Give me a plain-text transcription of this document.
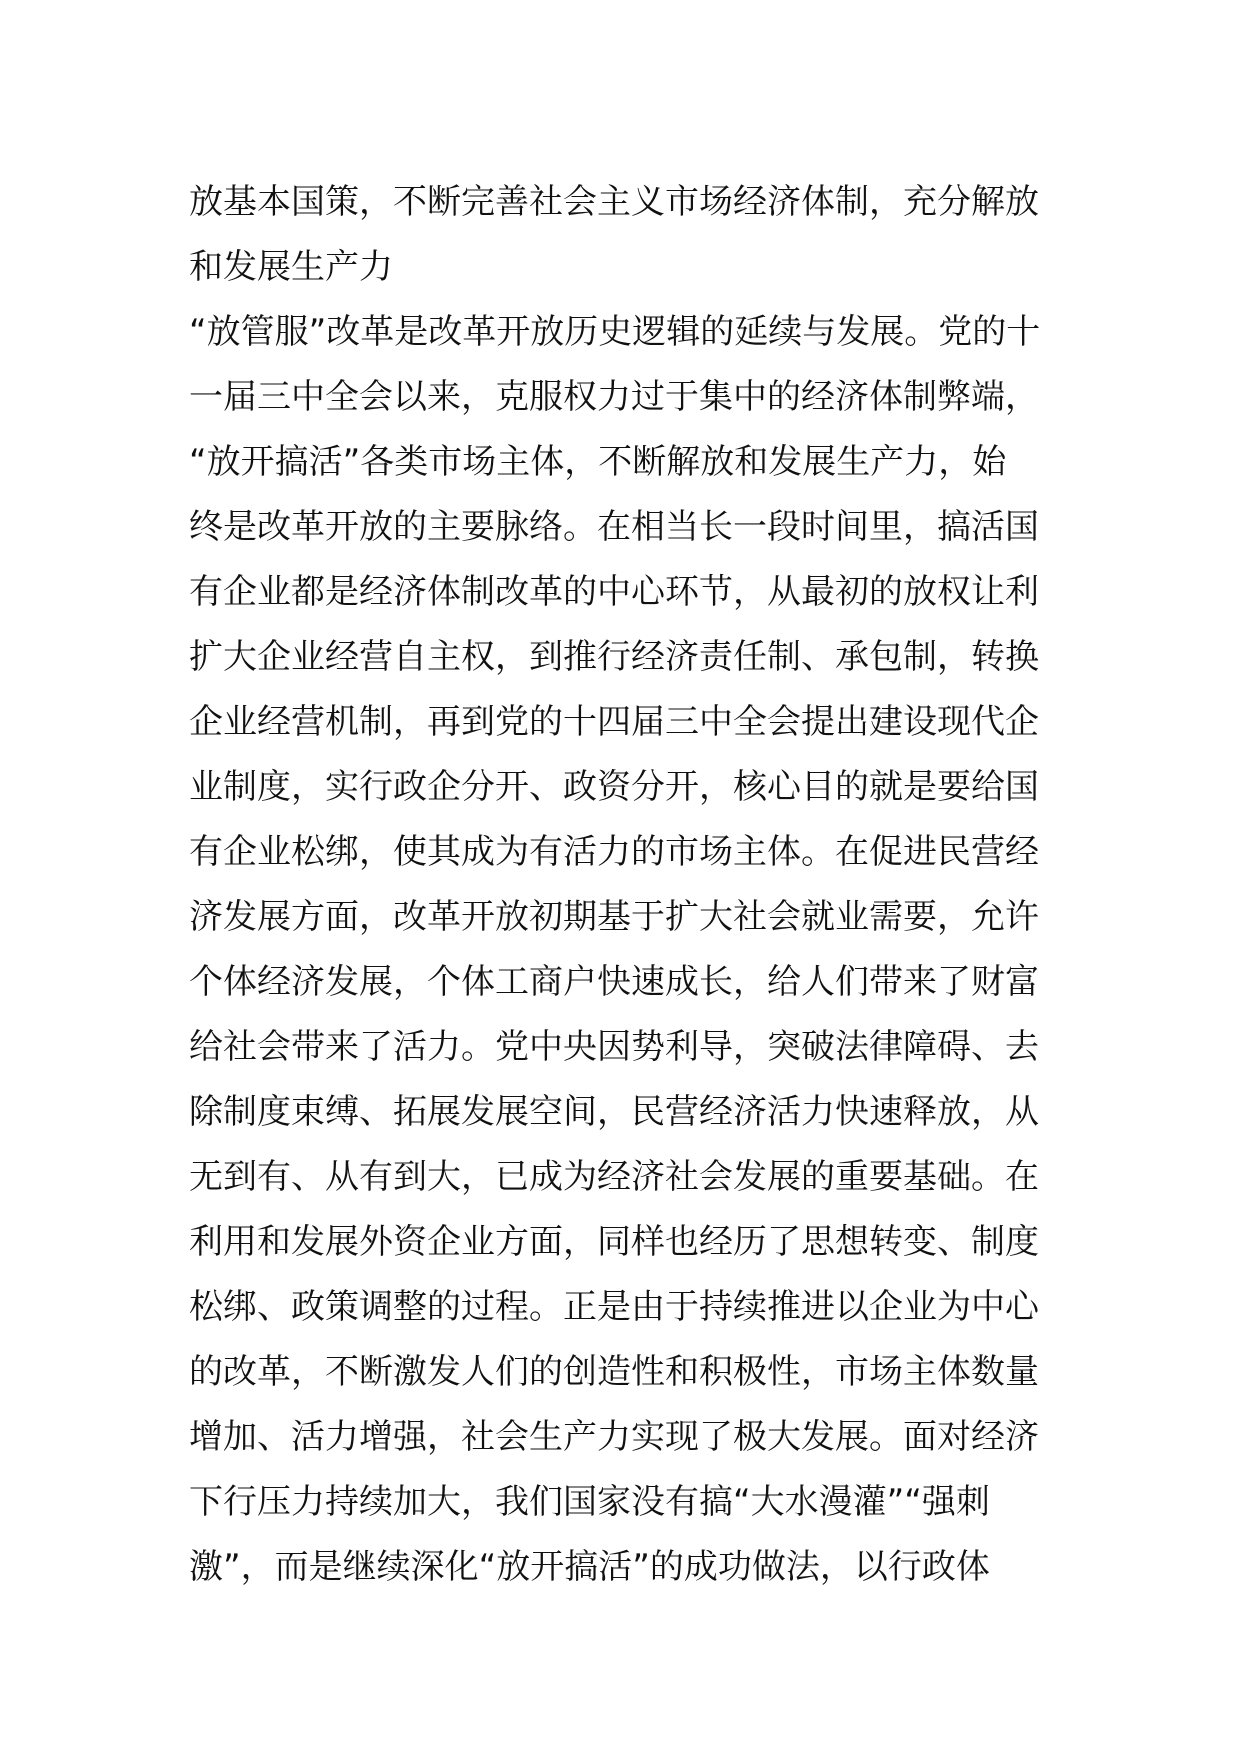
放基本国策，不断完善社会主义市场经济体制，充分解放
和发展生产力
“放管服”改革是改革开放历史逻辑的延续与发展。党的十
一届三中全会以来，克服权力过于集中的经济体制弊端，
“放开搞活”各类市场主体，不断解放和发展生产力，始
终是改革开放的主要脉络。在相当长一段时间里，搞活国
有企业都是经济体制改革的中心环节，从最初的放权让利
扩大企业经营自主权，到推行经济责任制、承包制，转换
企业经营机制，再到党的十四届三中全会提出建设现代企
业制度，实行政企分开、政资分开，核心目的就是要给国
有企业松绑，使其成为有活力的市场主体。在促进民营经
济发展方面，改革开放初期基于扩大社会就业需要，允许
个体经济发展，个体工商户快速成长，给人们带来了财富
给社会带来了活力。党中央因势利导，突破法律障碍、去
除制度束缚、拓展发展空间，民营经济活力快速释放，从
无到有、从有到大，已成为经济社会发展的重要基础。在
利用和发展外资企业方面，同样也经历了思想转变、制度
松绑、政策调整的过程。正是由于持续推进以企业为中心
的改革，不断激发人们的创造性和积极性，市场主体数量
增加、活力增强，社会生产力实现了极大发展。面对经济
下行压力持续加大，我们国家没有搞“大水漫灌”“强刺
激”，而是继续深化“放开搞活”的成功做法，以行政体
